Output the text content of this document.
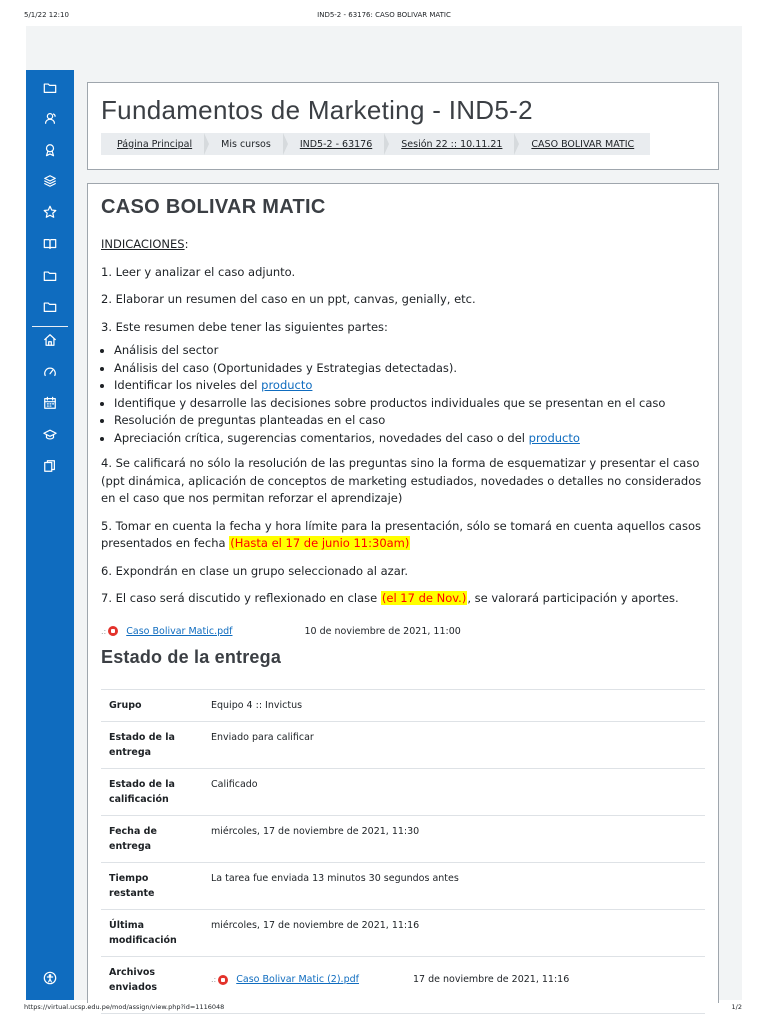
5/1/22 12:10	IND5-2 - 63176: CASO BOLIVAR MATIC
Fundamentos de Marketing - IND5-2
Página Principal	Mis cursos	IND5-2 - 63176	Sesión 22 :: 10.11.21	CASO BOLIVAR MATIC
CASO BOLIVAR MATIC

INDICACIONES:

1. Leer y analizar el caso adjunto.

2. Elaborar un resumen del caso en un ppt, canvas, genially, etc.

3. Este resumen debe tener las siguientes partes:

• Análisis del sector
• Análisis del caso (Oportunidades y Estrategias detectadas).
• Identificar los niveles del producto
• Identifique y desarrolle las decisiones sobre productos individuales que se presentan en el caso
• Resolución de preguntas planteadas en el caso
• Apreciación crítica, sugerencias comentarios, novedades del caso o del producto

4. Se calificará no sólo la resolución de las preguntas sino la forma de esquematizar y presentar el caso (ppt dinámica, aplicación de conceptos de marketing estudiados, novedades o detalles no considerados en el caso que nos permitan reforzar el aprendizaje)

5. Tomar en cuenta la fecha y hora límite para la presentación, sólo se tomará en cuenta aquellos casos presentados en fecha (Hasta el 17 de junio 11:30am)

6. Expondrán en clase un grupo seleccionado al azar.

7. El caso será discutido y reflexionado en clase (el 17 de Nov.), se valorará participación y aportes.

.: Caso Bolivar Matic.pdf	10 de noviembre de 2021, 11:00
Estado de la entrega
Grupo	Equipo 4 :: Invictus
Estado de la entrega	Enviado para calificar
Estado de la calificación	Calificado
Fecha de entrega	miércoles, 17 de noviembre de 2021, 11:30
Tiempo restante	La tarea fue enviada 13 minutos 30 segundos antes
Última modificación	miércoles, 17 de noviembre de 2021, 11:16
Archivos enviados	.: Caso Bolivar Matic (2).pdf 17 de noviembre de 2021, 11:16
https://virtual.ucsp.edu.pe/mod/assign/view.php?id=1116048	1/2
